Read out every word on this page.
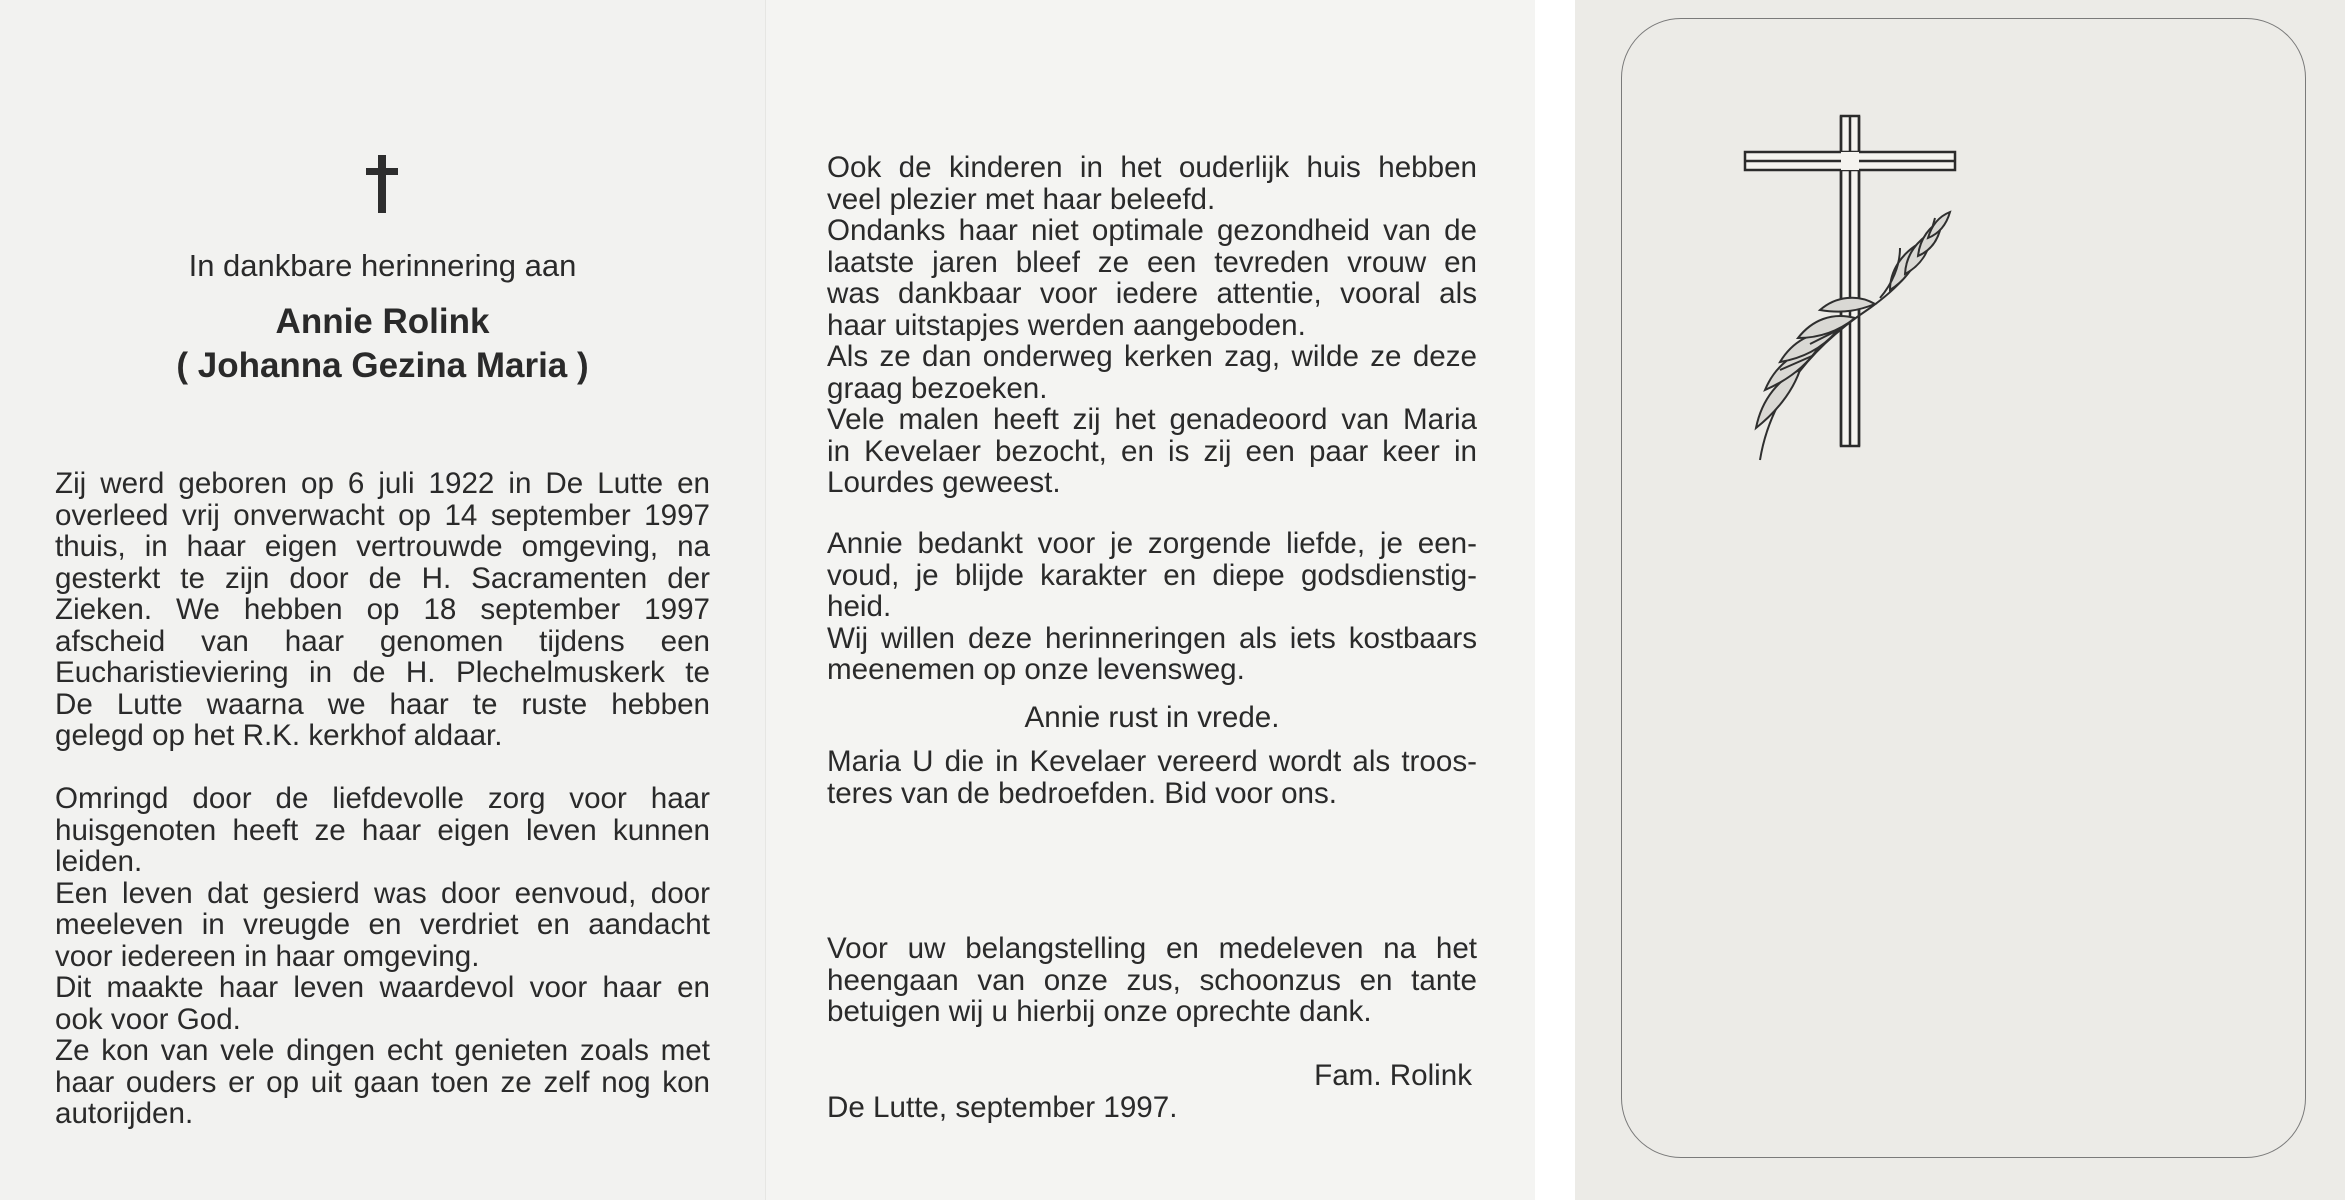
In dankbare herinnering aan
Annie Rolink
( Johanna Gezina Maria )

Zij werd geboren op 6 juli 1922 in De Lutte en
overleed vrij onverwacht op 14 september 1997
thuis, in haar eigen vertrouwde omgeving, na
gesterkt te zijn door de H. Sacramenten der
Zieken. We hebben op 18 september 1997
afscheid van haar genomen tijdens een
Eucharistieviering in de H. Plechelmuskerk te
De Lutte waarna we haar te ruste hebben
gelegd op het R.K. kerkhof aldaar.

Omringd door de liefdevolle zorg voor haar
huisgenoten heeft ze haar eigen leven kunnen
leiden.
Een leven dat gesierd was door eenvoud, door
meeleven in vreugde en verdriet en aandacht
voor iedereen in haar omgeving.
Dit maakte haar leven waardevol voor haar en
ook voor God.
Ze kon van vele dingen echt genieten zoals met
haar ouders er op uit gaan toen ze zelf nog kon
autorijden.

Ook de kinderen in het ouderlijk huis hebben
veel plezier met haar beleefd.
Ondanks haar niet optimale gezondheid van de
laatste jaren bleef ze een tevreden vrouw en
was dankbaar voor iedere attentie, vooral als
haar uitstapjes werden aangeboden.
Als ze dan onderweg kerken zag, wilde ze deze
graag bezoeken.
Vele malen heeft zij het genadeoord van Maria
in Kevelaer bezocht, en is zij een paar keer in
Lourdes geweest.

Annie bedankt voor je zorgende liefde, je een-
voud, je blijde karakter en diepe godsdienstig-
heid.
Wij willen deze herinneringen als iets kostbaars
meenemen op onze levensweg.

Annie rust in vrede.

Maria U die in Kevelaer vereerd wordt als troos-
teres van de bedroefden. Bid voor ons.

Voor uw belangstelling en medeleven na het
heengaan van onze zus, schoonzus en tante
betuigen wij u hierbij onze oprechte dank.

Fam. Rolink
De Lutte, september 1997.
